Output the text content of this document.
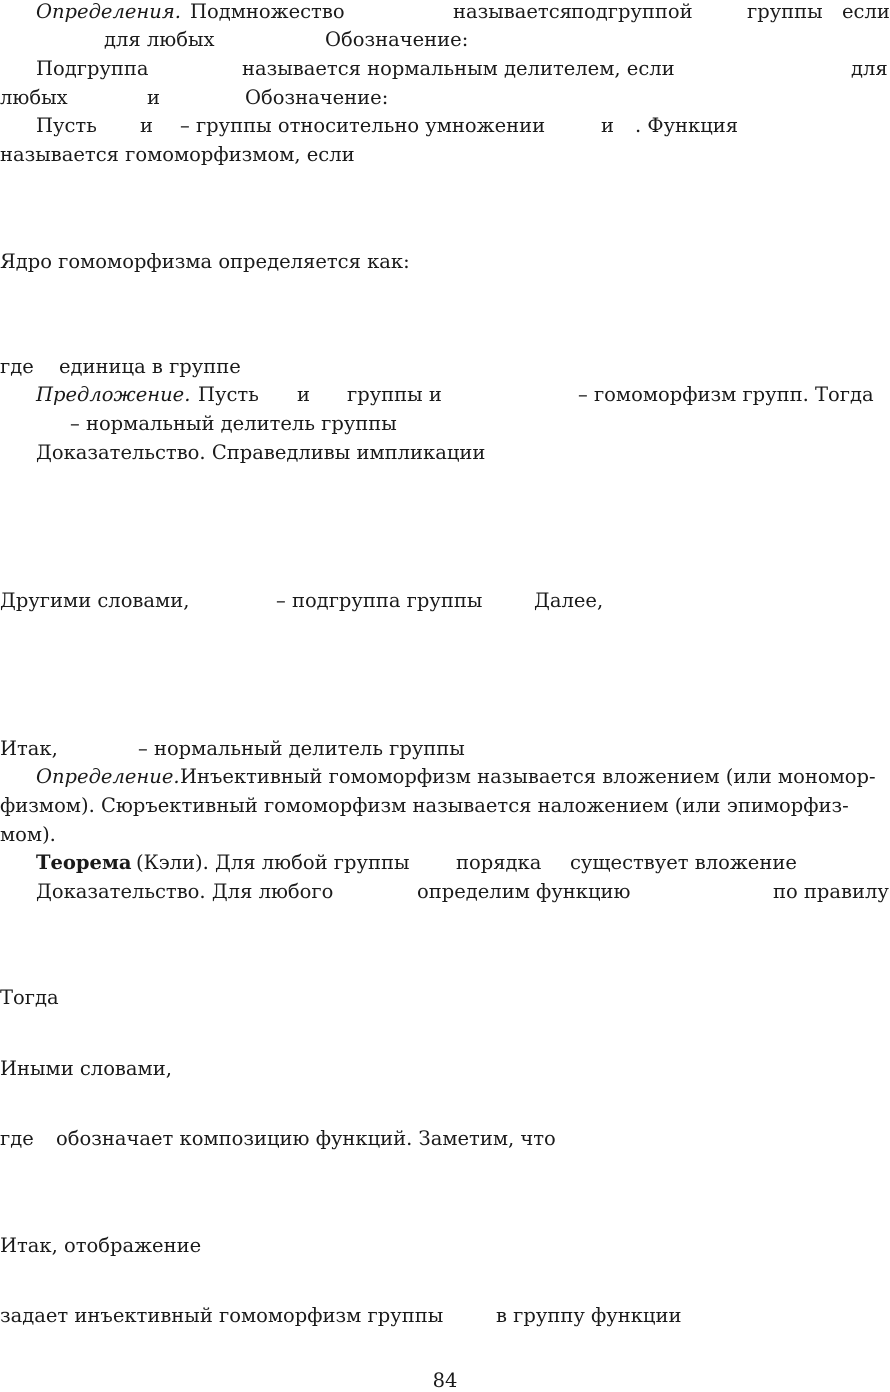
Определения. Подмножество	называется подгруппой	группы если
для любых	Обозначение:
Подгруппа	называется нормальным делителем, если	для
любых	и	Обозначение:
Пусть и – группы относительно умножении	и . Функция
называется гомоморфизмом, если
Ядро гомоморфизма определяется как:
где единица в группе
Предложение. Пусть и группы и	– гомоморфизм групп. Тогда
– нормальный делитель группы
Доказательство. Справедливы импликации
Другими словами,	– подгруппа группы	Далее,
Итак,	– нормальный делитель группы
Определение. Инъективный гомоморфизм называется вложением (или мономор-
физмом). Сюръективный гомоморфизм называется наложением (или эпиморфиз-
мом).
Теорема (Кэли). Для любой группы порядка существует вложение
Доказательство. Для любого	определим функцию	по правилу
Тогда
Иными словами,
где обозначает композицию функций. Заметим, что
Итак, отображение
задает инъективный гомоморфизм группы	в группу функции
84
